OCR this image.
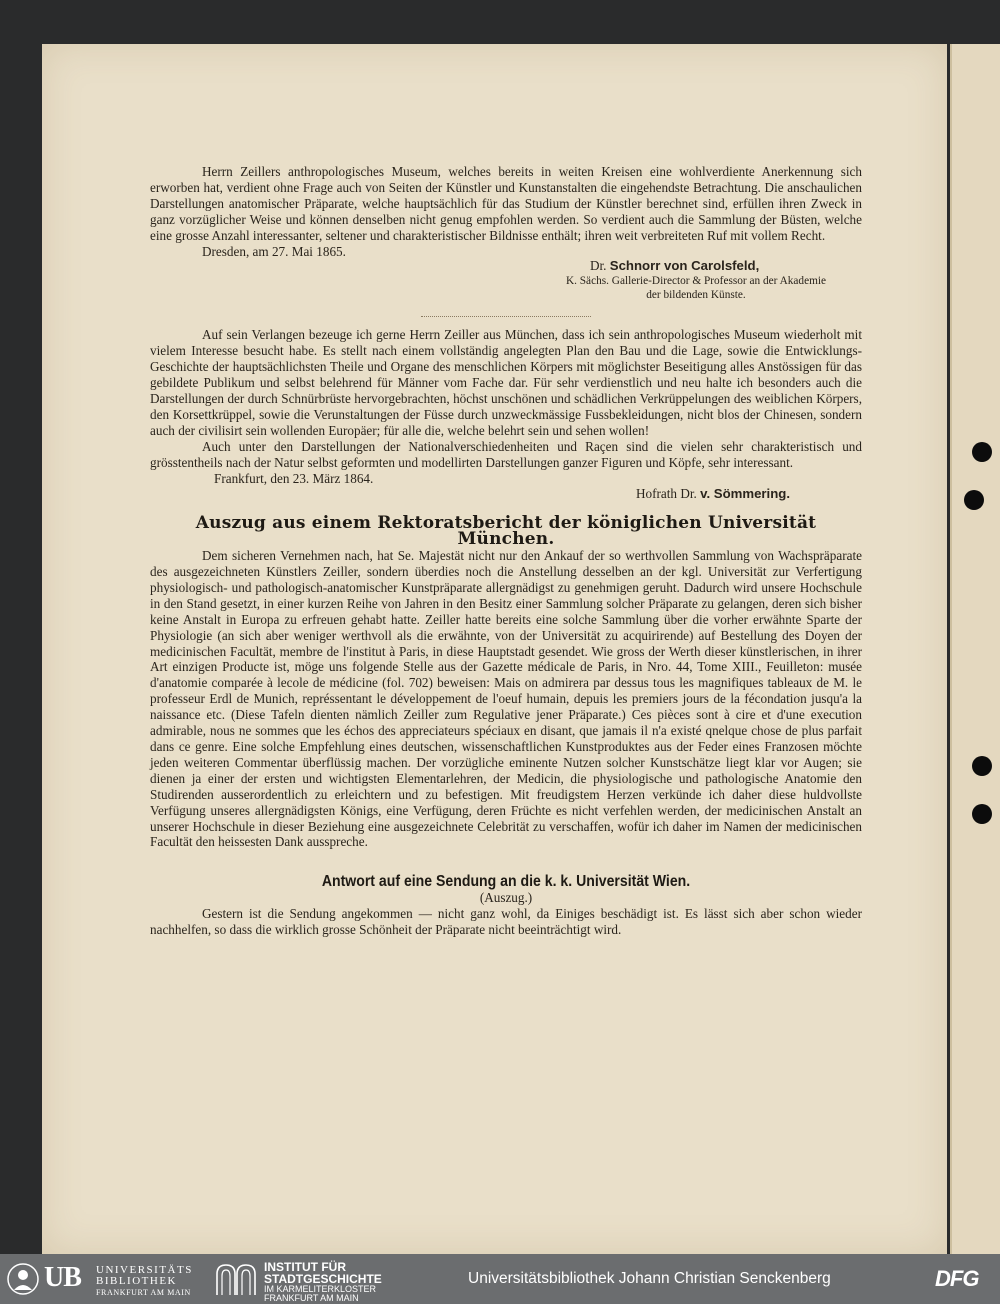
Herrn Zeillers anthropologisches Museum, welches bereits in weiten Kreisen eine wohlverdiente Anerkennung sich erworben hat, verdient ohne Frage auch von Seiten der Künstler und Kunstanstalten die eingehendste Betrachtung. Die anschaulichen Darstellungen anatomischer Präparate, welche hauptsächlich für das Studium der Künstler berechnet sind, erfüllen ihren Zweck in ganz vorzüglicher Weise und können denselben nicht genug empfohlen werden. So verdient auch die Sammlung der Büsten, welche eine grosse Anzahl interessanter, seltener und charakteristischer Bildnisse enthält; ihren weit verbreiteten Ruf mit vollem Recht.

Dresden, am 27. Mai 1865.

Dr. Schnorr von Carolsfeld,
K. Sächs. Gallerie-Director & Professor an der Akademie
der bildenden Künste.

Auf sein Verlangen bezeuge ich gerne Herrn Zeiller aus München, dass ich sein anthropologisches Museum wiederholt mit vielem Interesse besucht habe. Es stellt nach einem vollständig angelegten Plan den Bau und die Lage, sowie die Entwicklungs-Geschichte der hauptsächlichsten Theile und Organe des menschlichen Körpers mit möglichster Beseitigung alles Anstössigen für das gebildete Publikum und selbst belehrend für Männer vom Fache dar. Für sehr verdienstlich und neu halte ich besonders auch die Darstellungen der durch Schnürbrüste hervorgebrachten, höchst unschönen und schädlichen Verkrüppelungen des weiblichen Körpers, den Korsettkrüppel, sowie die Verunstaltungen der Füsse durch unzweckmässige Fussbekleidungen, nicht blos der Chinesen, sondern auch der civilisirt sein wollenden Europäer; für alle die, welche belehrt sein und sehen wollen!

Auch unter den Darstellungen der Nationalverschiedenheiten und Raçen sind die vielen sehr charakteristisch und grösstentheils nach der Natur selbst geformten und modellirten Darstellungen ganzer Figuren und Köpfe, sehr interessant.

Frankfurt, den 23. März 1864.

Hofrath Dr. v. Sömmering.
Auszug aus einem Rektoratsbericht der königlichen Universität München.

Dem sicheren Vernehmen nach, hat Se. Majestät nicht nur den Ankauf der so werthvollen Sammlung von Wachspräparate des ausgezeichneten Künstlers Zeiller, sondern überdies noch die Anstellung desselben an der kgl. Universität zur Verfertigung physiologisch- und pathologisch-anatomischer Kunstpräparate allergnädigst zu genehmigen geruht. Dadurch wird unsere Hochschule in den Stand gesetzt, in einer kurzen Reihe von Jahren in den Besitz einer Sammlung solcher Präparate zu gelangen, deren sich bisher keine Anstalt in Europa zu erfreuen gehabt hatte. Zeiller hatte bereits eine solche Sammlung über die vorher erwähnte Sparte der Physiologie (an sich aber weniger werthvoll als die erwähnte, von der Universität zu acquirirende) auf Bestellung des Doyen der medicinischen Facultät, membre de l'institut à Paris, in diese Hauptstadt gesendet. Wie gross der Werth dieser künstlerischen, in ihrer Art einzigen Producte ist, möge uns folgende Stelle aus der Gazette médicale de Paris, in Nro. 44, Tome XIII., Feuilleton: musée d'anatomie comparée à lecole de médicine (fol. 702) beweisen: Mais on admirera par dessus tous les magnifiques tableaux de M. le professeur Erdl de Munich, représsentant le développement de l'oeuf humain, depuis les premiers jours de la fécondation jusqu'a la naissance etc. (Diese Tafeln dienten nämlich Zeiller zum Regulative jener Präparate.) Ces pièces sont à cire et d'une execution admirable, nous ne sommes que les échos des appreciateurs spéciaux en disant, que jamais il n'a existé qnelque chose de plus parfait dans ce genre. Eine solche Empfehlung eines deutschen, wissenschaftlichen Kunstproduktes aus der Feder eines Franzosen möchte jeden weiteren Commentar überflüssig machen. Der vorzügliche eminente Nutzen solcher Kunstschätze liegt klar vor Augen; sie dienen ja einer der ersten und wichtigsten Elementarlehren, der Medicin, die physiologische und pathologische Anatomie den Studirenden ausserordentlich zu erleichtern und zu befestigen. Mit freudigstem Herzen verkünde ich daher diese huldvollste Verfügung unseres allergnädigsten Königs, eine Verfügung, deren Früchte es nicht verfehlen werden, der medicinischen Anstalt an unserer Hochschule in dieser Beziehung eine ausgezeichnete Celebrität zu verschaffen, wofür ich daher im Namen der medicinischen Facultät den heissesten Dank ausspreche.

Antwort auf eine Sendung an die k. k. Universität Wien.
(Auszug.)

Gestern ist die Sendung angekommen — nicht ganz wohl, da Einiges beschädigt ist. Es lässt sich aber schon wieder nachhelfen, so dass die wirklich grosse Schönheit der Präparate nicht beeinträchtigt wird.

UB UNIVERSITÄTS
BIBLIOTHEK
FRANKFURT AM MAIN
INSTITUT FÜR
STADTGESCHICHTE
IM KARMELITERKLOSTER
FRANKFURT AM MAIN
Universitätsbibliothek Johann Christian Senckenberg	DFG
